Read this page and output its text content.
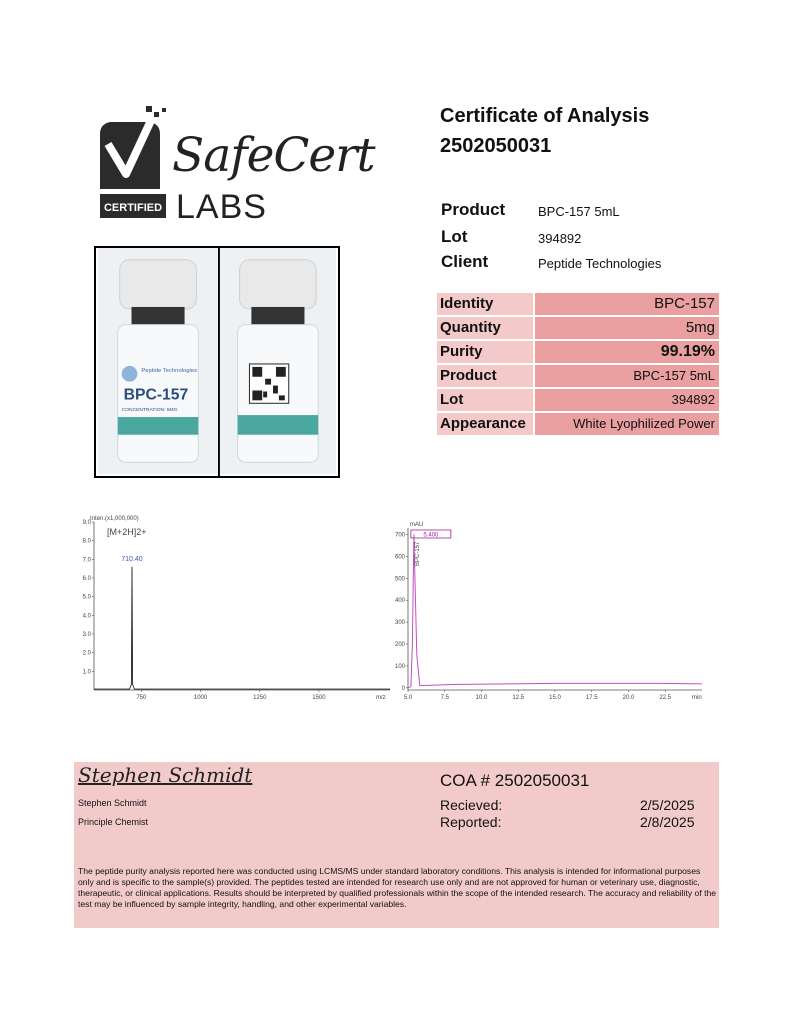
CERTIFIED
SafeCert
LABS
Peptide Technologies
BPC-157
CONCENTRATION: 5MG
Certificate of Analysis
2502050031
Product	BPC-157 5mL
Lot	394892
Client	Peptide Technologies
Identity	BPC-157
Quantity	5mg
Purity	99.19%
Product	BPC-157 5mL
Lot	394892
Appearance	White Lyophilized Power
Inten.(x1,000,000)
m/z
1.0
2.0
3.0
4.0
5.0
6.0
7.0
8.0
9.0
750	1000	1250	1500
[M+2H]2+
710.40
mAU
min
0
100
200
300
400
500
600
700
5.0	7.5	10.0	12.5	15.0	17.5	20.0	22.5
5.400
BPC-157
Stephen Schmidt
Stephen Schmidt
Principle Chemist
COA # 2502050031
Recieved:	2/5/2025
Reported:	2/8/2025
The peptide purity analysis reported here was conducted using LCMS/MS under standard laboratory conditions. This analysis is intended for informational purposes only and is specific to the sample(s) provided. The peptides tested are intended for research use only and are not approved for human or veterinary use, diagnostic, therapeutic, or clinical applications. Results should be interpreted by qualified professionals within the scope of the intended research. The accuracy and reliability of the test may be influenced by sample integrity, handling, and other experimental variables.
